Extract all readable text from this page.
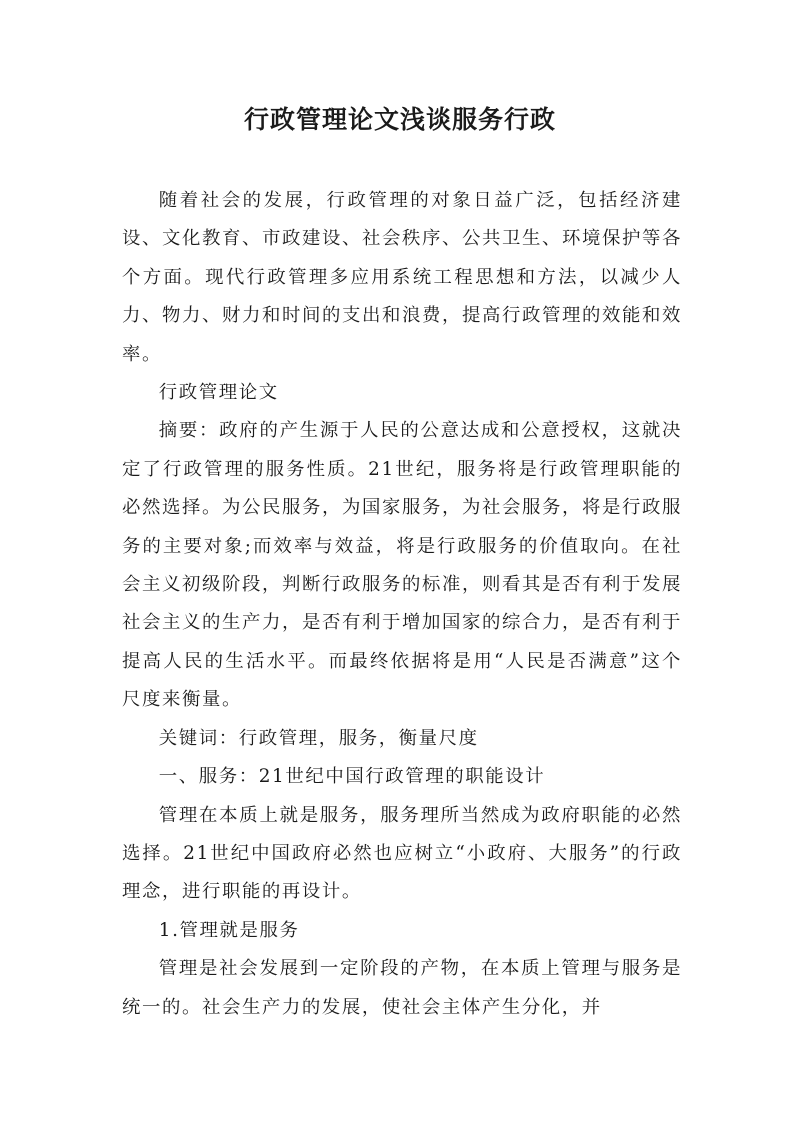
行政管理论文浅谈服务行政

随着社会的发展，行政管理的对象日益广泛，包括经济建设、文化教育、市政建设、社会秩序、公共卫生、环境保护等各个方面。现代行政管理多应用系统工程思想和方法，以减少人力、物力、财力和时间的支出和浪费，提高行政管理的效能和效率。

行政管理论文

摘要：政府的产生源于人民的公意达成和公意授权，这就决定了行政管理的服务性质。21世纪，服务将是行政管理职能的必然选择。为公民服务，为国家服务，为社会服务，将是行政服务的主要对象;而效率与效益，将是行政服务的价值取向。在社会主义初级阶段，判断行政服务的标准，则看其是否有利于发展社会主义的生产力，是否有利于增加国家的综合力，是否有利于提高人民的生活水平。而最终依据将是用“人民是否满意”这个尺度来衡量。

关键词：行政管理，服务，衡量尺度

一、服务：21世纪中国行政管理的职能设计

管理在本质上就是服务，服务理所当然成为政府职能的必然选择。21世纪中国政府必然也应树立“小政府、大服务”的行政理念，进行职能的再设计。

1.管理就是服务

管理是社会发展到一定阶段的产物，在本质上管理与服务是统一的。社会生产力的发展，使社会主体产生分化，并
